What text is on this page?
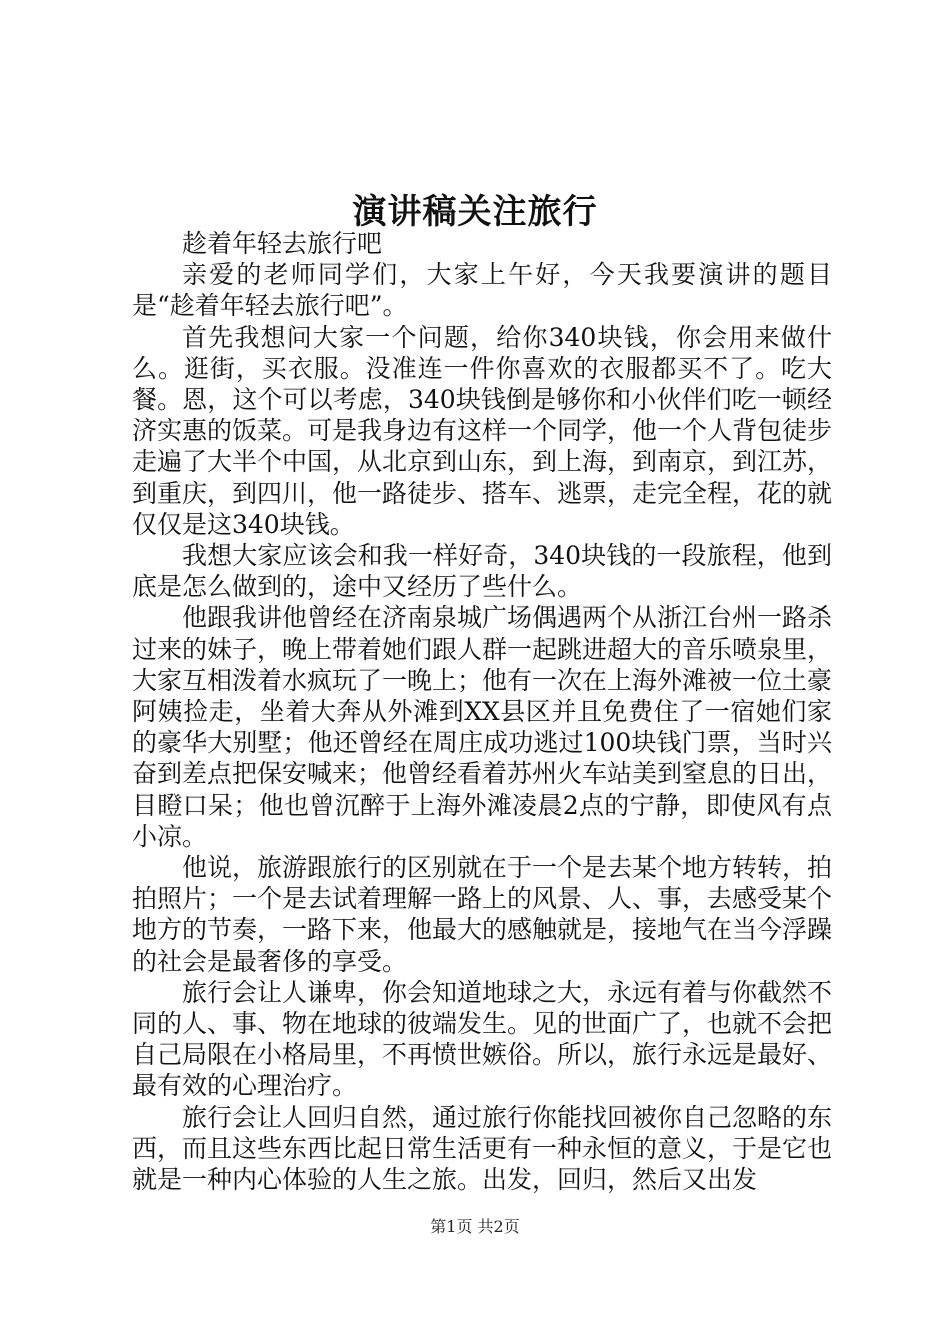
演讲稿关注旅行

趁着年轻去旅行吧

亲爱的老师同学们，大家上午好，今天我要演讲的题目是“趁着年轻去旅行吧”。

首先我想问大家一个问题，给你340块钱，你会用来做什么。逛街，买衣服。没准连一件你喜欢的衣服都买不了。吃大餐。恩，这个可以考虑，340块钱倒是够你和小伙伴们吃一顿经济实惠的饭菜。可是我身边有这样一个同学，他一个人背包徒步走遍了大半个中国，从北京到山东，到上海，到南京，到江苏，到重庆，到四川，他一路徒步、搭车、逃票，走完全程，花的就仅仅是这340块钱。

我想大家应该会和我一样好奇，340块钱的一段旅程，他到底是怎么做到的，途中又经历了些什么。

他跟我讲他曾经在济南泉城广场偶遇两个从浙江台州一路杀过来的妹子，晚上带着她们跟人群一起跳进超大的音乐喷泉里，大家互相泼着水疯玩了一晚上；他有一次在上海外滩被一位土豪阿姨捡走，坐着大奔从外滩到XX县区并且免费住了一宿她们家的豪华大别墅；他还曾经在周庄成功逃过100块钱门票，当时兴奋到差点把保安喊来；他曾经看着苏州火车站美到窒息的日出，目瞪口呆；他也曾沉醉于上海外滩凌晨2点的宁静，即使风有点小凉。

他说，旅游跟旅行的区别就在于一个是去某个地方转转，拍拍照片；一个是去试着理解一路上的风景、人、事，去感受某个地方的节奏，一路下来，他最大的感触就是，接地气在当今浮躁的社会是最奢侈的享受。

旅行会让人谦卑，你会知道地球之大，永远有着与你截然不同的人、事、物在地球的彼端发生。见的世面广了，也就不会把自己局限在小格局里，不再愤世嫉俗。所以，旅行永远是最好、最有效的心理治疗。

旅行会让人回归自然，通过旅行你能找回被你自己忽略的东西，而且这些东西比起日常生活更有一种永恒的意义，于是它也就是一种内心体验的人生之旅。出发，回归，然后又出发

第1页 共2页
